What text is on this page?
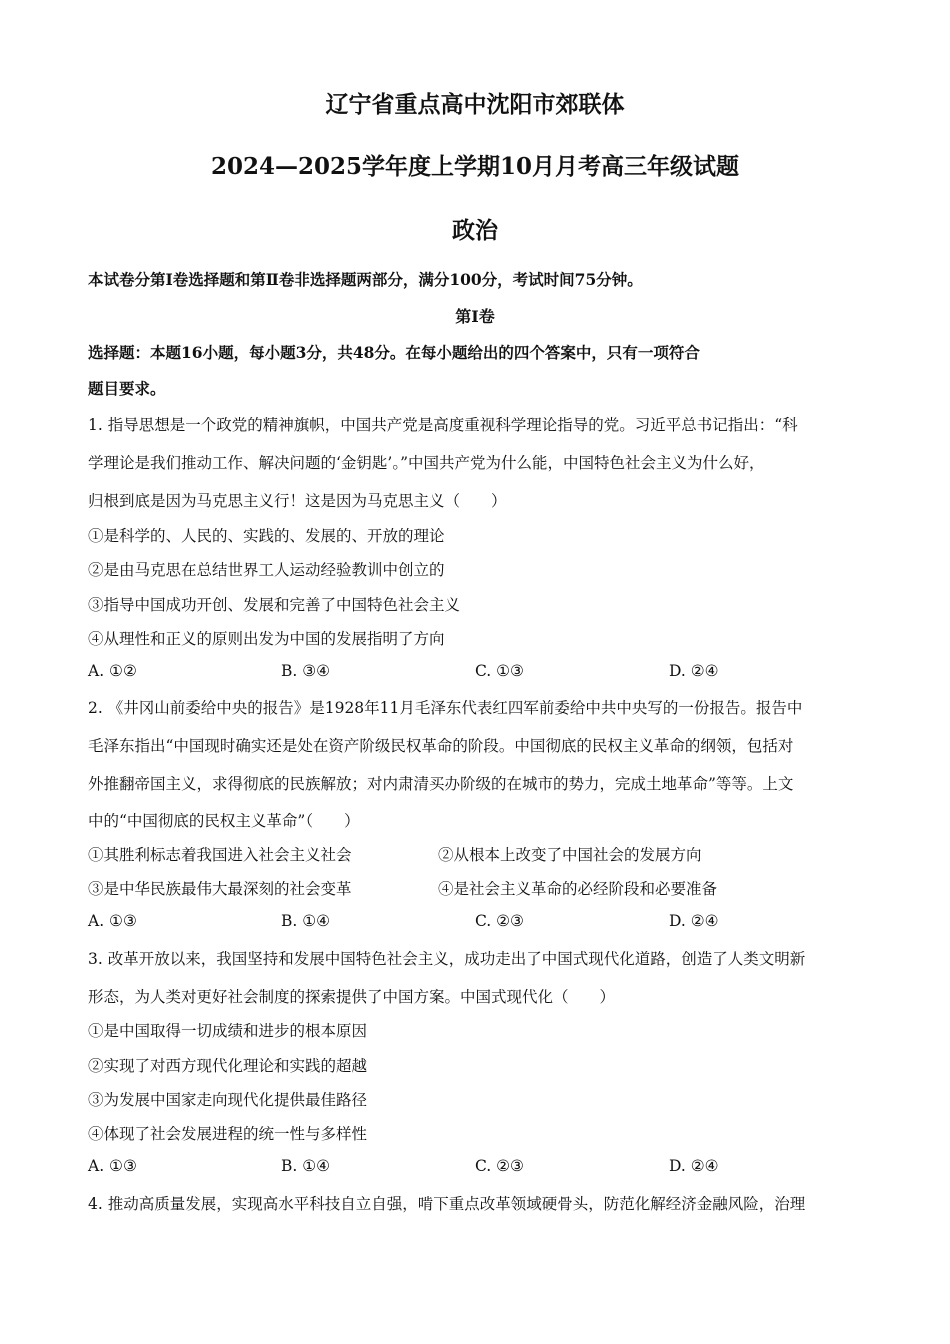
辽宁省重点高中沈阳市郊联体
2024—2025学年度上学期10月月考高三年级试题
政治
本试卷分第Ⅰ卷选择题和第Ⅱ卷非选择题两部分，满分100分，考试时间75分钟。
第Ⅰ卷
选择题：本题16小题，每小题3分，共48分。在每小题给出的四个答案中，只有一项符合
题目要求。
1. 指导思想是一个政党的精神旗帜，中国共产党是高度重视科学理论指导的党。习近平总书记指出：“科
学理论是我们推动工作、解决问题的‘金钥匙’。”中国共产党为什么能，中国特色社会主义为什么好，
归根到底是因为马克思主义行！这是因为马克思主义（　　）
①是科学的、人民的、实践的、发展的、开放的理论
②是由马克思在总结世界工人运动经验教训中创立的
③指导中国成功开创、发展和完善了中国特色社会主义
④从理性和正义的原则出发为中国的发展指明了方向
A. ①②	B. ③④	C. ①③	D. ②④
2. 《井冈山前委给中央的报告》是1928年11月毛泽东代表红四军前委给中共中央写的一份报告。报告中
毛泽东指出“中国现时确实还是处在资产阶级民权革命的阶段。中国彻底的民权主义革命的纲领，包括对
外推翻帝国主义，求得彻底的民族解放；对内肃清买办阶级的在城市的势力，完成土地革命”等等。上文
中的“中国彻底的民权主义革命”（　　）
①其胜利标志着我国进入社会主义社会	②从根本上改变了中国社会的发展方向
③是中华民族最伟大最深刻的社会变革	④是社会主义革命的必经阶段和必要准备
A. ①③	B. ①④	C. ②③	D. ②④
3. 改革开放以来，我国坚持和发展中国特色社会主义，成功走出了中国式现代化道路，创造了人类文明新
形态，为人类对更好社会制度的探索提供了中国方案。中国式现代化（　　）
①是中国取得一切成绩和进步的根本原因
②实现了对西方现代化理论和实践的超越
③为发展中国家走向现代化提供最佳路径
④体现了社会发展进程的统一性与多样性
A. ①③	B. ①④	C. ②③	D. ②④
4. 推动高质量发展，实现高水平科技自立自强，啃下重点改革领域硬骨头，防范化解经济金融风险，治理
